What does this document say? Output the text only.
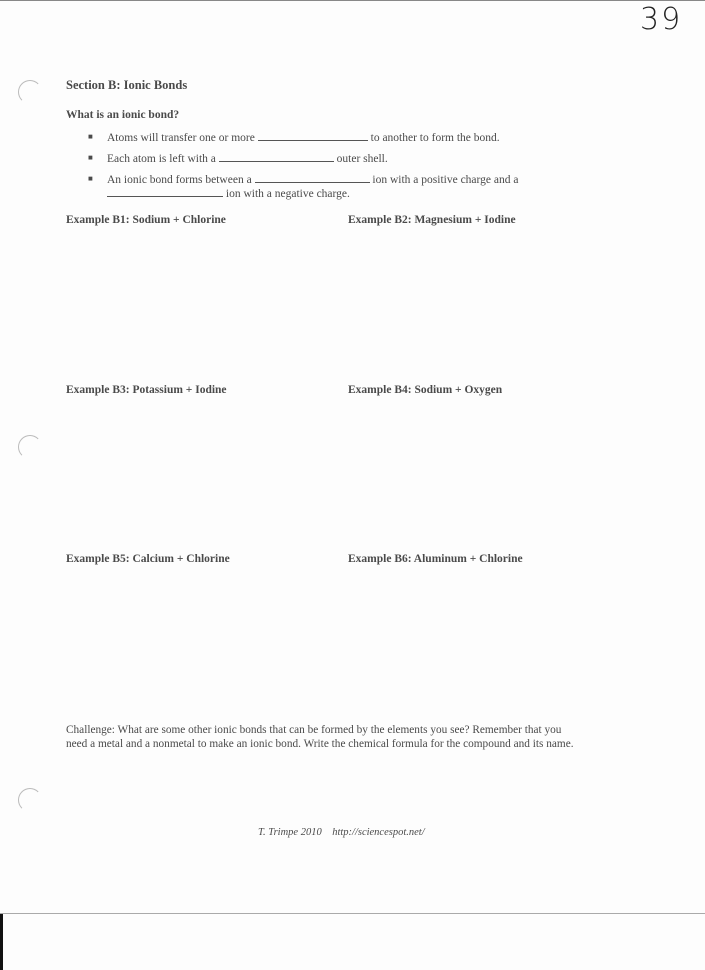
39
Section B: Ionic Bonds
What is an ionic bond?
■ Atoms will transfer one or more	to another to form the bond.
■ Each atom is left with a	outer shell.
■ An ionic bond forms between a	ion with a positive charge and a
ion with a negative charge.
Example B1: Sodium + Chlorine	Example B2: Magnesium + Iodine
Example B3: Potassium + Iodine	Example B4: Sodium + Oxygen
Example B5: Calcium + Chlorine	Example B6: Aluminum + Chlorine
Challenge: What are some other ionic bonds that can be formed by the elements you see? Remember that you
need a metal and a nonmetal to make an ionic bond. Write the chemical formula for the compound and its name.
T. Trimpe 2010    http://sciencespot.net/
